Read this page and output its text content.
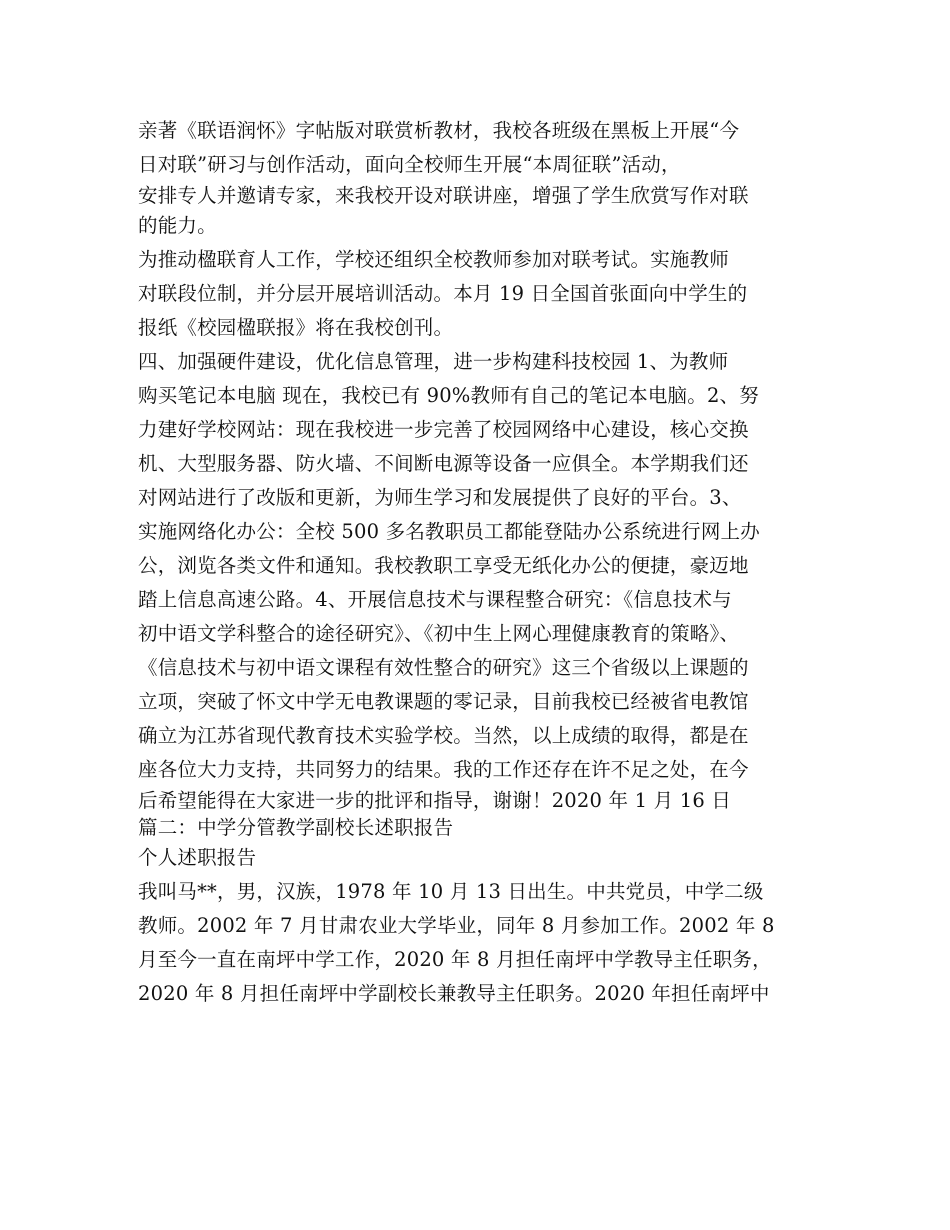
亲著《联语润怀》字帖版对联赏析教材，我校各班级在黑板上开展“今
日对联”研习与创作活动，面向全校师生开展“本周征联”活动，
安排专人并邀请专家，来我校开设对联讲座，增强了学生欣赏写作对联
的能力。
为推动楹联育人工作，学校还组织全校教师参加对联考试。实施教师
对联段位制，并分层开展培训活动。本月 19 日全国首张面向中学生的
报纸《校园楹联报》将在我校创刊。
四、加强硬件建设，优化信息管理，进一步构建科技校园 1、为教师
购买笔记本电脑 现在，我校已有 90%教师有自己的笔记本电脑。2、努
力建好学校网站：现在我校进一步完善了校园网络中心建设，核心交换
机、大型服务器、防火墙、不间断电源等设备一应俱全。本学期我们还
对网站进行了改版和更新，为师生学习和发展提供了良好的平台。3、
实施网络化办公：全校 500 多名教职员工都能登陆办公系统进行网上办
公，浏览各类文件和通知。我校教职工享受无纸化办公的便捷，豪迈地
踏上信息高速公路。4、开展信息技术与课程整合研究：《信息技术与
初中语文学科整合的途径研究》、《初中生上网心理健康教育的策略》、
《信息技术与初中语文课程有效性整合的研究》这三个省级以上课题的
立项，突破了怀文中学无电教课题的零记录，目前我校已经被省电教馆
确立为江苏省现代教育技术实验学校。当然，以上成绩的取得，都是在
座各位大力支持，共同努力的结果。我的工作还存在许不足之处，在今
后希望能得在大家进一步的批评和指导，谢谢！2020 年 1 月 16 日
篇二：中学分管教学副校长述职报告
个人述职报告
我叫马**，男，汉族，1978 年 10 月 13 日出生。中共党员，中学二级
教师。2002 年 7 月甘肃农业大学毕业，同年 8 月参加工作。2002 年 8
月至今一直在南坪中学工作，2020 年 8 月担任南坪中学教导主任职务，
2020 年 8 月担任南坪中学副校长兼教导主任职务。2020 年担任南坪中
